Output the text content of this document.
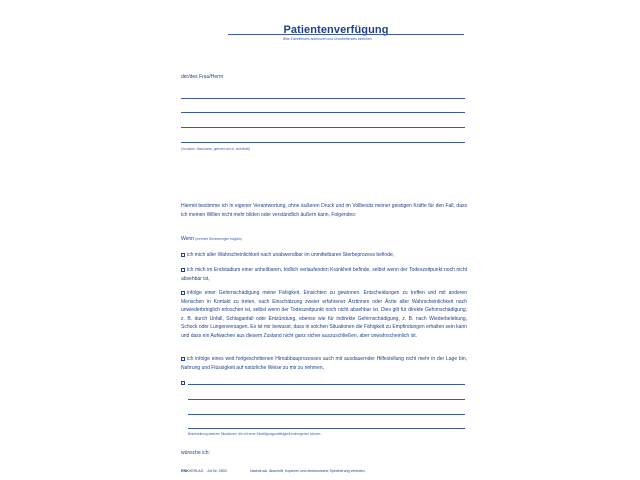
Patientenverfügung
Bitte Zutreffendes ankreuzen und Unzutreffendes streichen
der/des Frau/Herrn
(Vorname, Nachname, geboren am in, wohnhaft)
Hiermit bestimme ich in eigener Verantwortung, ohne äußeren Druck und im Vollbesitz meiner geistigen Kräfte für den Fall, dass ich meinen Willen nicht mehr bilden oder verständlich äußern kann, Folgendes:
Wenn (mehrere Benennungen möglich)
ich mich aller Wahrscheinlichkeit nach unabwendbar im unmittelbaren Sterbeprozess befinde,
ich mich im Endstadium einer unheilbaren, tödlich verlaufenden Krankheit befinde, selbst wenn der Todeszeitpunkt noch nicht absehbar ist,
infolge einer Gehirnschädigung meine Fähigkeit, Einsichten zu gewinnen, Entscheidungen zu treffen und mit anderen Menschen in Kontakt zu treten, nach Einschätzung zweier erfahrener Ärztinnen oder Ärzte aller Wahrscheinlichkeit nach unwiederbringlich erloschen ist, selbst wenn der Todeszeitpunkt noch nicht absehbar ist. Dies gilt für direkte Gehirnschädigung, z. B. durch Unfall, Schlaganfall oder Entzündung, ebenso wie für indirekte Gehirnschädigung, z. B. nach Wiederbelebung, Schock oder Lungenversagen. Es ist mir bewusst, dass in solchen Situationen die Fähigkeit zu Empfindungen erhalten sein kann und dass ein Aufwachen aus diesem Zustand nicht ganz sicher auszuschließen, aber unwahrscheinlich ist.
ich infolge eines weit fortgeschrittenen Hirnabbauprozesses auch mit ausdauernder Hilfestellung nicht mehr in der Lage bin, Nahrung und Flüssigkeit auf natürliche Weise zu mir zu nehmen,
Beschreibung weiterer Situationen, die mit einer Einwilligungsunfähigkeit einhergehen können
wünsche ich:
RNKVERLAG Art.Nr. 2893	Nachdruck, Abschrift, Kopieren und elektronische Speicherung verboten.
